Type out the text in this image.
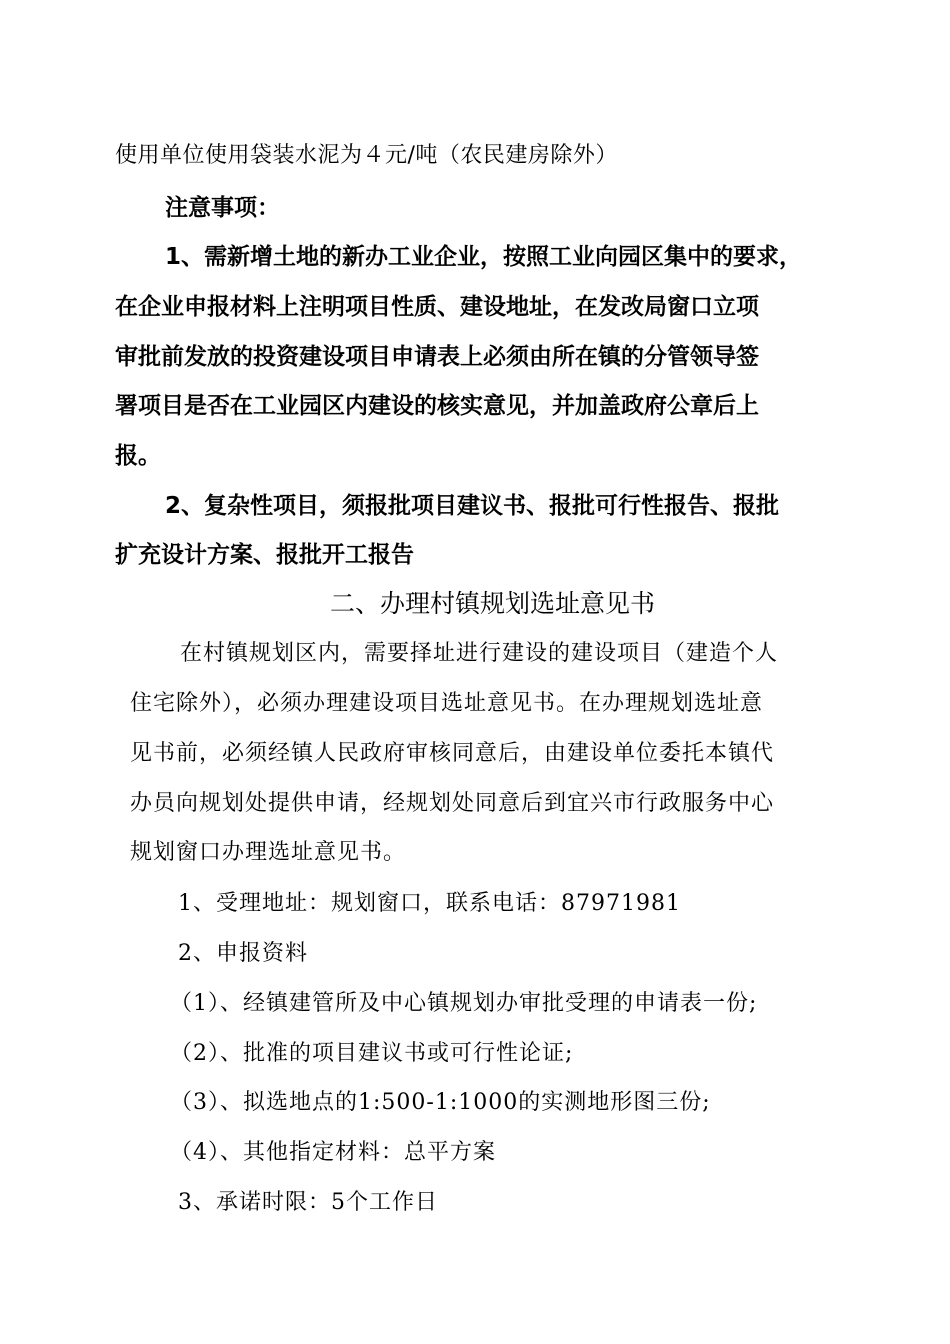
使用单位使用袋装水泥为４元/吨（农民建房除外）
注意事项：
1、需新增土地的新办工业企业，按照工业向园区集中的要求，
在企业申报材料上注明项目性质、建设地址，在发改局窗口立项
审批前发放的投资建设项目申请表上必须由所在镇的分管领导签
署项目是否在工业园区内建设的核实意见，并加盖政府公章后上
报。
2、复杂性项目，须报批项目建议书、报批可行性报告、报批
扩充设计方案、报批开工报告
二、办理村镇规划选址意见书
在村镇规划区内，需要择址进行建设的建设项目（建造个人
住宅除外），必须办理建设项目选址意见书。在办理规划选址意
见书前，必须经镇人民政府审核同意后，由建设单位委托本镇代
办员向规划处提供申请，经规划处同意后到宜兴市行政服务中心
规划窗口办理选址意见书。
1、受理地址：规划窗口，联系电话：87971981
2、申报资料
（1）、经镇建管所及中心镇规划办审批受理的申请表一份;
（2）、批准的项目建议书或可行性论证;
（3）、拟选地点的1:500-1:1000的实测地形图三份;
（4）、其他指定材料：总平方案
3、承诺时限：5个工作日
